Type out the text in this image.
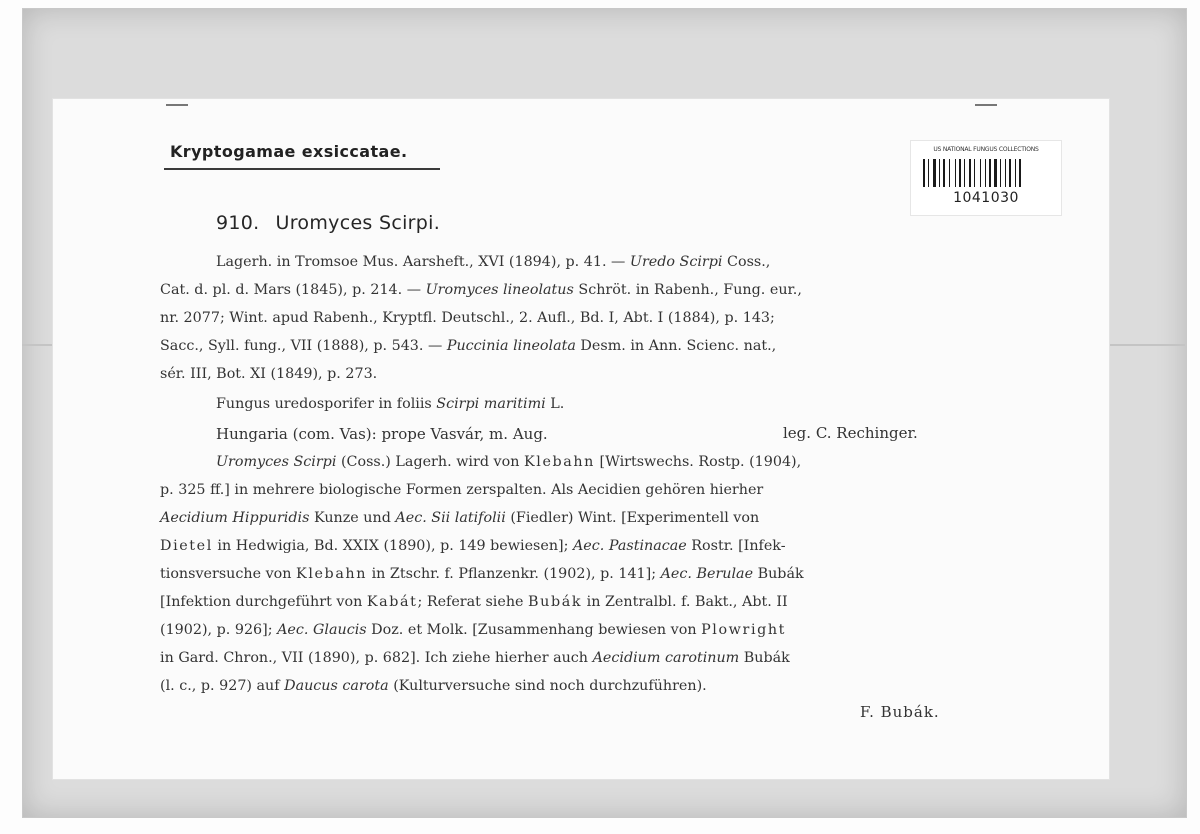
Kryptogamae exsiccatae.	US NATIONAL FUNGUS COLLECTIONS
1041030
910. Uromyces Scirpi.
Lagerh. in Tromsoe Mus. Aarsheft., XVI (1894), p. 41. — Uredo Scirpi Coss.,
Cat. d. pl. d. Mars (1845), p. 214. — Uromyces lineolatus Schröt. in Rabenh., Fung. eur.,
nr. 2077; Wint. apud Rabenh., Kryptfl. Deutschl., 2. Aufl., Bd. I, Abt. I (1884), p. 143;
Sacc., Syll. fung., VII (1888), p. 543. — Puccinia lineolata Desm. in Ann. Scienc. nat.,
sér. III, Bot. XI (1849), p. 273.
Fungus uredosporifer in foliis Scirpi maritimi L.
Hungaria (com. Vas): prope Vasvár, m. Aug.	leg. C. Rechinger.
Uromyces Scirpi (Coss.) Lagerh. wird von Klebahn [Wirtswechs. Rostp. (1904),
p. 325 ff.] in mehrere biologische Formen zerspalten. Als Aecidien gehören hierher
Aecidium Hippuridis Kunze und Aec. Sii latifolii (Fiedler) Wint. [Experimentell von
Dietel in Hedwigia, Bd. XXIX (1890), p. 149 bewiesen]; Aec. Pastinacae Rostr. [Infek-
tionsversuche von Klebahn in Ztschr. f. Pflanzenkr. (1902), p. 141]; Aec. Berulae Bubák
[Infektion durchgeführt von Kabát; Referat siehe Bubák in Zentralbl. f. Bakt., Abt. II
(1902), p. 926]; Aec. Glaucis Doz. et Molk. [Zusammenhang bewiesen von Plowright
in Gard. Chron., VII (1890), p. 682]. Ich ziehe hierher auch Aecidium carotinum Bubák
(l. c., p. 927) auf Daucus carota (Kulturversuche sind noch durchzuführen).
F. Bubák.
